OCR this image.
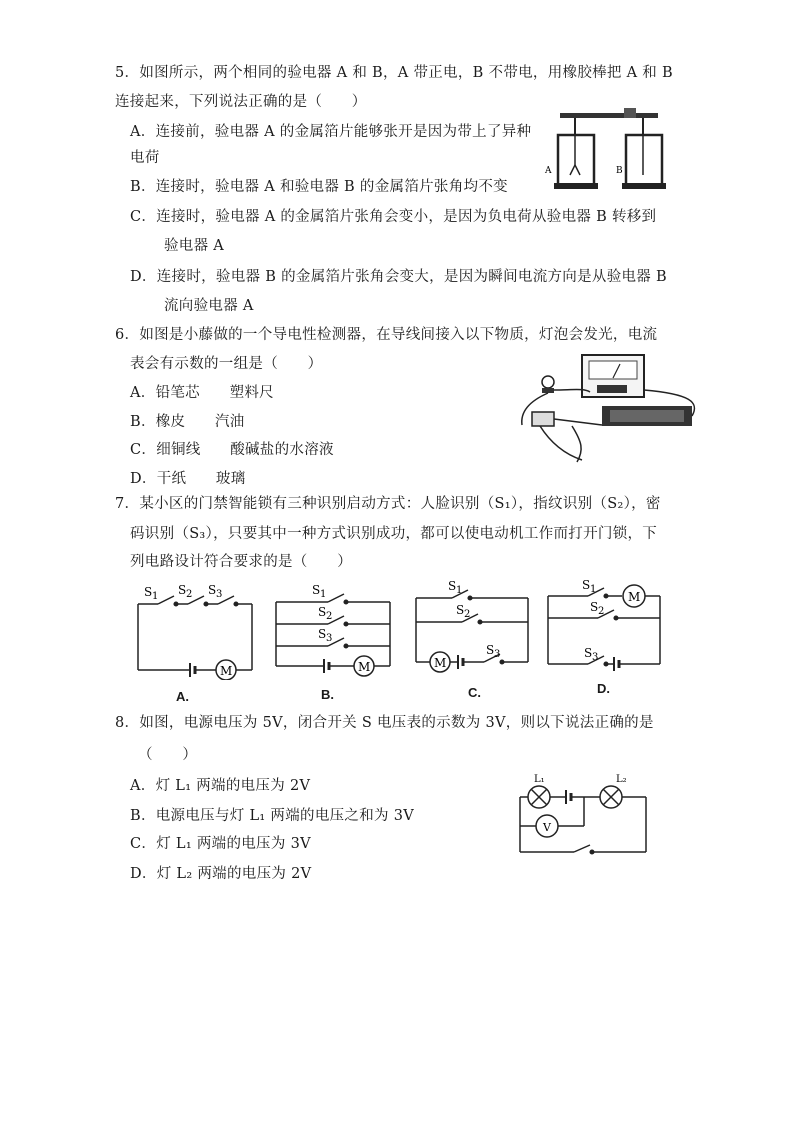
5．如图所示，两个相同的验电器 A 和 B，A 带正电，B 不带电，用橡胶棒把 A 和 B
连接起来，下列说法正确的是（　　）
A．连接前，验电器 A 的金属箔片能够张开是因为带上了异种
电荷
B．连接时，验电器 A 和验电器 B 的金属箔片张角均不变
C．连接时，验电器 A 的金属箔片张角会变小，是因为负电荷从验电器 B 转移到
验电器 A
D．连接时，验电器 B 的金属箔片张角会变大，是因为瞬间电流方向是从验电器 B
流向验电器 A
A	B
6．如图是小藤做的一个导电性检测器，在导线间接入以下物质，灯泡会发光，电流
表会有示数的一组是（　　）
A．铅笔芯　　塑料尺
B．橡皮　　汽油
C．细铜线　　酸碱盐的水溶液
D．干纸　　玻璃
7．某小区的门禁智能锁有三种识别启动方式：人脸识别（S₁），指纹识别（S₂），密
码识别（S₃），只要其中一种方式识别成功，都可以使电动机工作而打开门锁，下
列电路设计符合要求的是（　　）
S 1 S 2 S 3
M
A.
S 1
S 2
S 3
M
B.
S 1
S 2
S 3
M
C.
S 1
S 2
S 3
M
D.
8．如图，电源电压为 5V，闭合开关 S 电压表的示数为 3V，则以下说法正确的是
（　　）
A．灯 L₁ 两端的电压为 2V
B．电源电压与灯 L₁ 两端的电压之和为 3V
C．灯 L₁ 两端的电压为 3V
D．灯 L₂ 两端的电压为 2V
L₁	L₂
V
